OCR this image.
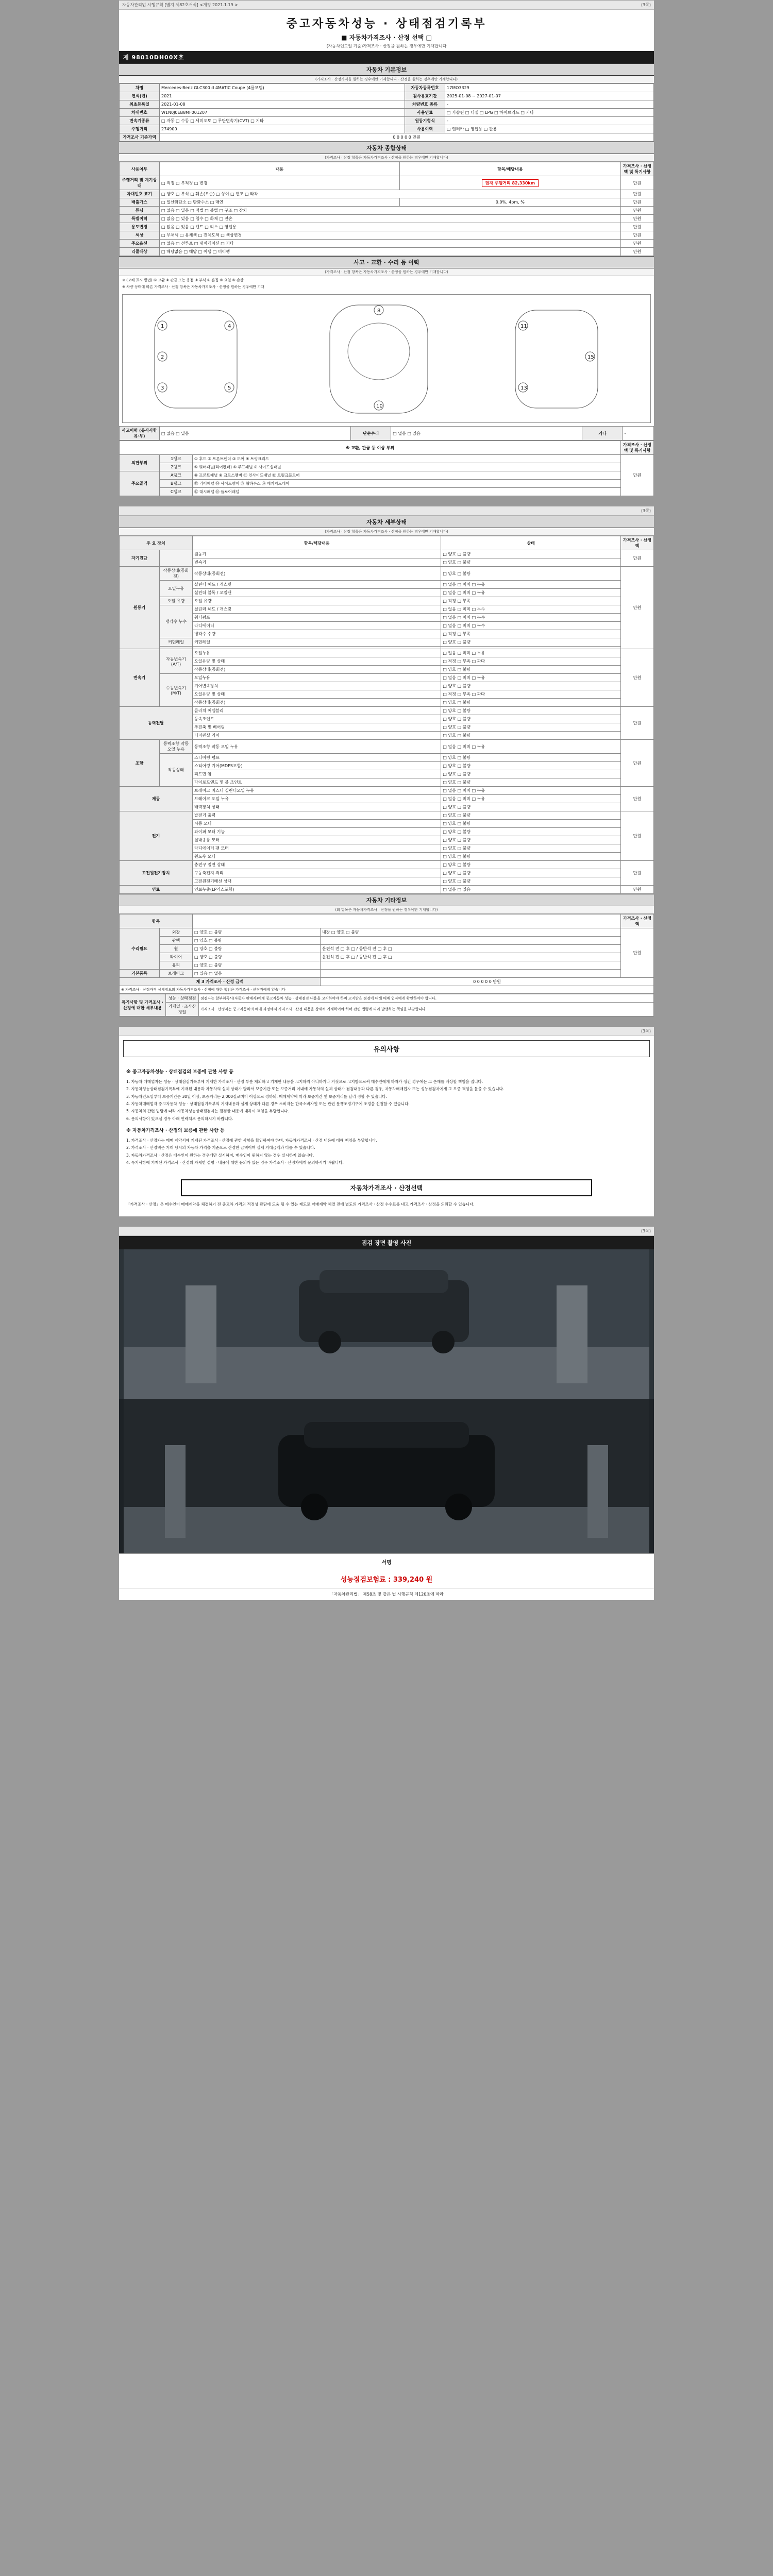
자동차관리법 시행규칙 [별지 제82호서식] <개정 2021.1.19.>	(3쪽)
중고자동차성능 · 상태점검기록부
■ 자동차가격조사 · 산정 선택 □
(자동차인도일 기준)가격조사 · 산정을 원하는 경우에만 기재합니다
제 98010DH00X호
자동차 기본정보
(가격조사 · 산정가격을 원하는 경우에만 기재합니다 - 산정을 원하는 경우에만 기재합니다)
차명	Mercedes-Benz GLC300 d 4MATIC Coupe (4륜모델)	자동차등록번호	17MO3329
연식(년)	2021	검사유효기간	2025-01-08 ~ 2027-01-07
최초등록일	2021-01-08	차량번호 종류	-
차대번호	W1N0J0EB8MF001207	사용연료	□ 가솔린 □ 디젤 □ LPG □ 하이브리드 □ 기타
변속기종류	□ 자동 □ 수동 □ 세미오토 □ 무단변속기(CVT) □ 기타	원동기형식	-
주행거리	274900	사용이력	□ 렌터카 □ 영업용 □ 관용
가격조사 기준가액	0 0 0 0 0 만원		
자동차 종합상태
(가격조사 · 산정 항목은 자동차가격조사 · 산정을 원하는 경우에만 기재합니다)
사용여부	내용	항목/해당내용	가격조사 · 산정액 및 특기사항
주행거리 및 계기상태	□ 적정 □ 부적정 □ 변경	현재 주행거리 82,330km	만원
차대번호 표기	□ 양호 □ 부식 □ 훼손(오손) □ 상이 □ 변조 □ 타각		만원
배출가스	□ 일산화탄소 □ 탄화수소 □ 매연	0.0%, 4pm, %	만원
튜닝	□ 없음 □ 있음 □ 적법 □ 불법 □ 구조 □ 장치		만원
특별이력	□ 없음 □ 있음 □ 침수 □ 화재 □ 전손		만원
용도변경	□ 없음 □ 있음 □ 렌트 □ 리스 □ 영업용		만원
색상	□ 무채색 □ 유채색 □ 전체도색 □ 색상변경		만원
주요옵션	□ 없음 □ 선루프 □ 내비게이션 □ 기타		만원
리콜대상	□ 해당없음 □ 해당 □ 이행 □ 미이행		만원
사고 · 교환 · 수리 등 이력
(가격조사 · 산정 항목은 자동차가격조사 · 산정을 원하는 경우에만 기재합니다)
※ (교체 표시 방법) ① 교환 ② 판금 또는 용접 ③ 부식 ④ 흠집 ⑤ 요철 ⑥ 손상
※ 차량 상태에 따른 가격조사 · 산정 항목은 자동차가격조사 · 산정을 원하는 경우에만 기재
1
2
3
4
5
8
10
11
13
15
사고이력 (유사사항 유·무)	□ 없음 □ 있음	단순수리	□ 없음 □ 있음	기타	-
※ 교환, 판금 등 이상 부위			가격조사 · 산정액 및 특기사항
외판부위	1랭크	① 후드 ② 프론트펜더 ③ 도어 ④ 트렁크리드	만원
	2랭크	⑤ 쿼터패널(리어펜더) ⑥ 루프패널 ⑦ 사이드실패널	
주요골격	A랭크	⑧ 프론트패널 ⑨ 크로스멤버 ⑪ 인사이드패널 ⑫ 트렁크플로어	
	B랭크	⑬ 리어패널 ⑭ 사이드멤버 ⑮ 휠하우스 ⑯ 패키지트레이	
	C랭크	⑰ 대시패널 ⑱ 플로어패널	
(3쪽)
자동차 세부상태
(가격조사 · 산정 항목은 자동차가격조사 · 산정을 원하는 경우에만 기재합니다)
주 요 장치		항목/해당내용	상태	가격조사 · 산정액
자기진단		원동기	□ 양호 □ 불량	만원
		변속기	□ 양호 □ 불량	
원동기	작동상태(공회전)	작동상태(공회전)	□ 양호 □ 불량	만원
	오일누유	실린더 헤드 / 개스킷	□ 없음 □ 미미 □ 누유	
		실린더 블록 / 오일팬	□ 없음 □ 미미 □ 누유	
	오일 유량	오일 유량	□ 적정 □ 부족	
	냉각수 누수	실린더 헤드 / 개스킷	□ 없음 □ 미미 □ 누수	
		워터펌프	□ 없음 □ 미미 □ 누수	
		라디에이터	□ 없음 □ 미미 □ 누수	
		냉각수 수량	□ 적정 □ 부족	
	커먼레일	커먼레일	□ 양호 □ 불량	

변속기	자동변속기(A/T)	오일누유	□ 없음 □ 미미 □ 누유	만원
		오일유량 및 상태	□ 적정 □ 부족 □ 과다	
		작동상태(공회전)	□ 양호 □ 불량	
	수동변속기(M/T)	오일누유	□ 없음 □ 미미 □ 누유	
		기어변속장치	□ 양호 □ 불량	
		오일유량 및 상태	□ 적정 □ 부족 □ 과다	
		작동상태(공회전)	□ 양호 □ 불량	
동력전달		클러치 어셈블리	□ 양호 □ 불량	만원
		등속조인트	□ 양호 □ 불량	
		추진축 및 베어링	□ 양호 □ 불량	
		디퍼렌셜 기어	□ 양호 □ 불량	
조향	동력조향 작동 오일 누유	동력조향 작동 오일 누유	□ 없음 □ 미미 □ 누유	만원
	작동상태	스티어링 펌프	□ 양호 □ 불량	
		스티어링 기어(MDPS포함)	□ 양호 □ 불량	
		피트먼 암	□ 양호 □ 불량	
		타이로드엔드 및 볼 조인트	□ 양호 □ 불량	
제동		브레이크 마스터 실린더오일 누유	□ 없음 □ 미미 □ 누유	만원
		브레이크 오일 누유	□ 없음 □ 미미 □ 누유	
		배력장치 상태	□ 양호 □ 불량	
전기		발전기 출력	□ 양호 □ 불량	만원
		시동 모터	□ 양호 □ 불량	
		와이퍼 모터 기능	□ 양호 □ 불량	
		실내송풍 모터	□ 양호 □ 불량	
		라디에이터 팬 모터	□ 양호 □ 불량	
		윈도우 모터	□ 양호 □ 불량	
고전원전기장치		충전구 절연 상태	□ 양호 □ 불량	만원
		구동축전지 격리	□ 양호 □ 불량	
		고전원전기배선 상태	□ 양호 □ 불량	
연료		연료누출(LP가스포함)	□ 없음 □ 있음	만원
자동차 기타정보
(외 항목은 자동차가격조사 · 산정을 원하는 경우에만 기재합니다)
항목				가격조사 · 산정액
수리필요	외장	□ 양호 □ 불량	내장 □ 양호 □ 불량	만원
	광택	□ 양호 □ 불량		
	휠	□ 양호 □ 불량	운전석 전 □ 후 □ / 동반석 전 □ 후 □	
	타이어	□ 양호 □ 불량	운전석 전 □ 후 □ / 동반석 전 □ 후 □	
	유리	□ 양호 □ 불량		
기본품목	브레이크	□ 있음 □ 없음		
제 3 가격조사 · 산정 금액			0 0 0 0 0 만원	
※ 가격조사 · 산정자격 상세정보의 자동차가격조사 · 산정에 대한 책임은 가격조사 · 산정자에게 있습니다				
특기사항 및 가격조사 · 산정에 대한 세부내용	성능 · 상태점검	점검자는 할부취득사(자동차 판매자)에게 중고자동차 성능 · 상태점검 내용을 고지하여야 하며 고지받은 점검에 대해 매매 업자에게 확인하여야 합니다.
	기재일 · 조사산정일	가격조사 · 산정자는 중고자동차의 매매 과정에서 가격조사 · 산정 내용을 상세히 기재하여야 하며 관련 법령에 따라 발생하는 책임을 부담합니다
(3쪽)
유의사항
※ 중고자동차성능 · 상태점검의 보증에 관한 사항 등

1. 자동차 매매업자는 성능 · 상태점검기록부에 기재한 가격조사 · 산정 부분 제외하고 기재한 내용을 고지하지 아니하거나 거짓으로 고지함으로써 매수인에게 하자가 생긴 경우에는 그 손해를 배상할 책임을 집니다.

2. 자동차성능상태점검기록부에 기재된 내용과 자동차의 실제 상태가 달라서 보증기간 또는 보증거리 이내에 자동차의 실제 상태가 점검내용과 다른 경우, 자동차매매업자 또는 성능점검자에게 그 보증 책임을 물을 수 있습니다.

3. 자동차인도일부터 보증기간은 30일 이상, 보증거리는 2,000킬로미터 이상으로 정하되, 매매계약에 따라 보증기간 및 보증거리를 달리 정할 수 있습니다.

4. 자동차매매업자 중고자동차 성능 · 상태점검기록부의 기재내용과 실제 상태가 다른 경우 소비자는 한국소비자원 또는 관련 분쟁조정기구에 조정을 신청할 수 있습니다.

5. 자동차의 관련 법령에 따라 자동차성능상태점검자는 점검한 내용에 대하여 책임을 부담합니다.

6. 문의사항이 있으실 경우 아래 연락처로 문의하시기 바랍니다.

※ 자동차가격조사 · 산정의 보증에 관한 사항 등

1. 가격조사 · 산정자는 매매 계약서에 기재된 가격조사 · 산정에 관한 사항을 확인하여야 하며, 자동차가격조사 · 산정 내용에 대해 책임을 부담합니다.

2. 가격조사 · 산정액은 거래 당시의 자동차 가격을 기준으로 산정한 금액이며 실제 거래금액과 다를 수 있습니다.

3. 자동차가격조사 · 산정은 매수인이 원하는 경우에만 실시하며, 매수인이 원하지 않는 경우 실시하지 않습니다.

4. 특기사항에 기재된 가격조사 · 산정의 자세한 설명 · 내용에 대한 문의가 있는 경우 가격조사 · 산정자에게 문의하시기 바랍니다.

자동차가격조사 · 산정선택

「가격조사 · 산정」은 매수인이 매매계약을 체결하기 전 중고차 가격의 적정성 판단에 도움 될 수 있는 제도로 매매계약 체결 전에 별도의 가격조사 · 산정 수수료를 내고 가격조사 · 산정을 의뢰할 수 있습니다.

(3쪽)
점검 장면 촬영 사진
서명
성능점검보험료 : 339,240 원
「자동차관리법」 제58조 및 같은 법 시행규칙 제120조에 따라
